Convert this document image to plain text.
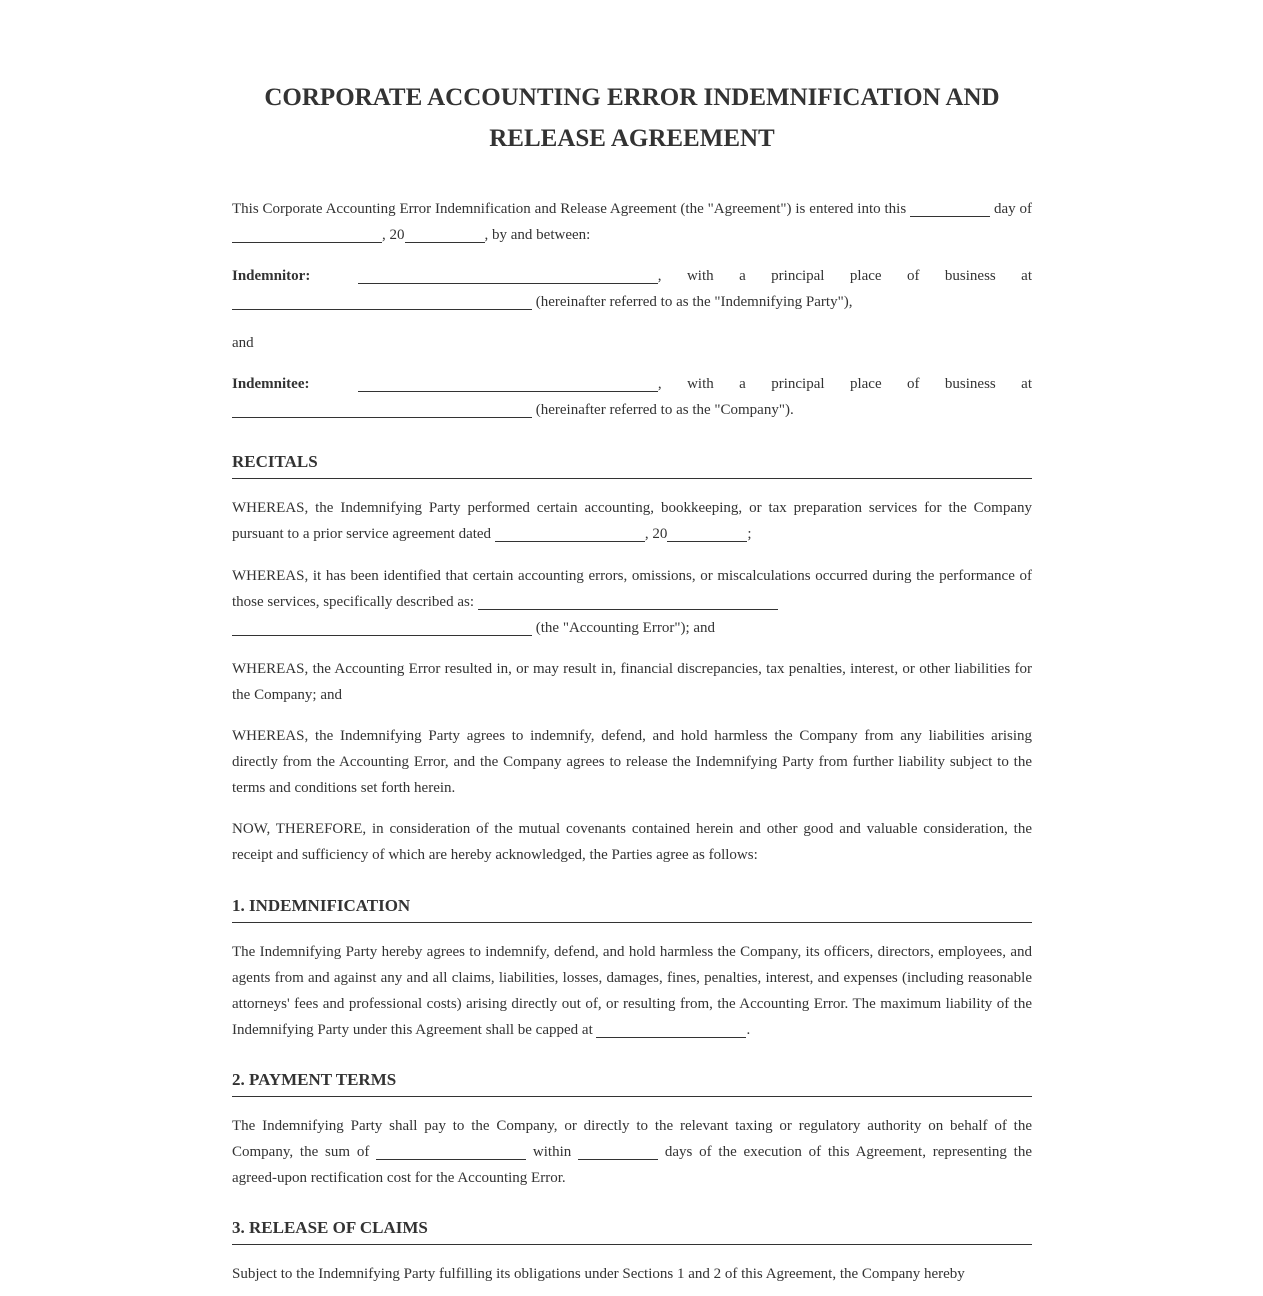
CORPORATE ACCOUNTING ERROR INDEMNIFICATION AND
RELEASE AGREEMENT

This Corporate Accounting Error Indemnification and Release Agreement (the "Agreement") is entered into this	day of , 20	, by and between:

Indemnitor:	, with a principal place of business at  (hereinafter referred to as the "Indemnifying Party"),

and

Indemnitee:	, with a principal place of business at  (hereinafter referred to as the "Company").

RECITALS

WHEREAS, the Indemnifying Party performed certain accounting, bookkeeping, or tax preparation services for the Company pursuant to a prior service agreement dated	, 20	;

WHEREAS, it has been identified that certain accounting errors, omissions, or miscalculations occurred during the performance of those services, specifically described as:
(the "Accounting Error"); and

WHEREAS, the Accounting Error resulted in, or may result in, financial discrepancies, tax penalties, interest, or other liabilities for the Company; and

WHEREAS, the Indemnifying Party agrees to indemnify, defend, and hold harmless the Company from any liabilities arising directly from the Accounting Error, and the Company agrees to release the Indemnifying Party from further liability subject to the terms and conditions set forth herein.

NOW, THEREFORE, in consideration of the mutual covenants contained herein and other good and valuable consideration, the receipt and sufficiency of which are hereby acknowledged, the Parties agree as follows:

1. INDEMNIFICATION

The Indemnifying Party hereby agrees to indemnify, defend, and hold harmless the Company, its officers, directors, employees, and agents from and against any and all claims, liabilities, losses, damages, fines, penalties, interest, and expenses (including reasonable attorneys' fees and professional costs) arising directly out of, or resulting from, the Accounting Error. The maximum liability of the Indemnifying Party under this Agreement shall be capped at	.

2. PAYMENT TERMS

The Indemnifying Party shall pay to the Company, or directly to the relevant taxing or regulatory authority on behalf of the Company, the sum of	within	days of the execution of this Agreement, representing the agreed-upon rectification cost for the Accounting Error.

3. RELEASE OF CLAIMS

Subject to the Indemnifying Party fulfilling its obligations under Sections 1 and 2 of this Agreement, the Company hereby
